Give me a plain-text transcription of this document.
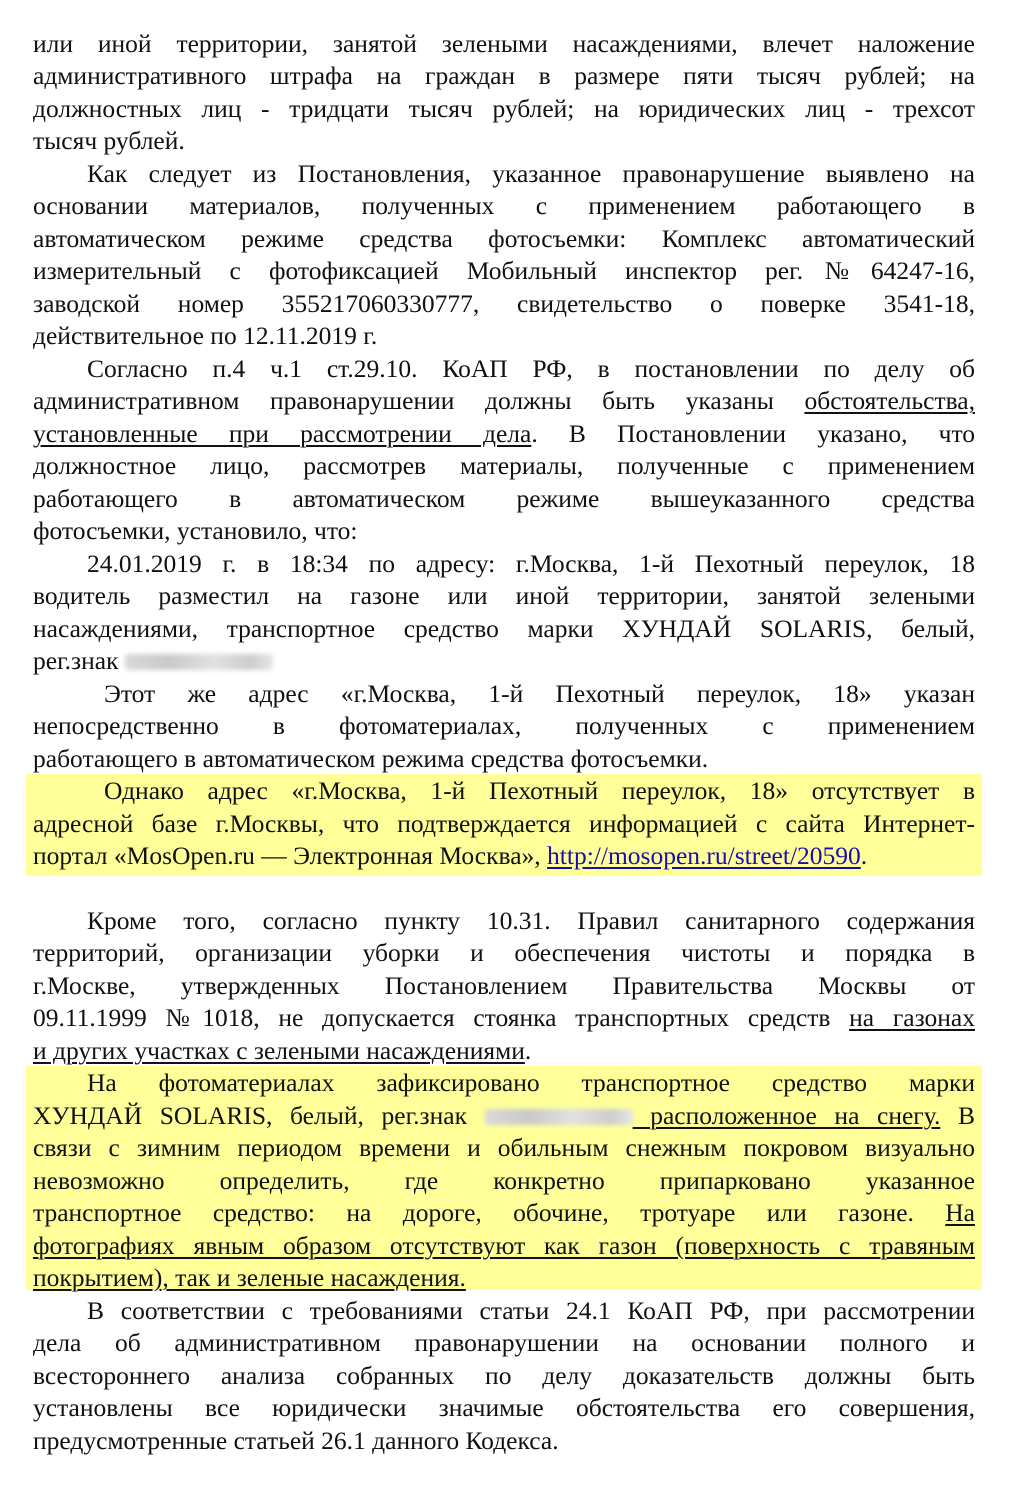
или иной территории, занятой зелеными насаждениями, влечет наложение
административного штрафа на граждан в размере пяти тысяч рублей; на
должностных лиц - тридцати тысяч рублей; на юридических лиц - трехсот
тысяч рублей.
Как следует из Постановления, указанное правонарушение выявлено на
основании материалов, полученных с применением работающего в
автоматическом режиме средства фотосъемки: Комплекс автоматический
измерительный с фотофиксацией Мобильный инспектор рег.№64247-16,
заводской номер 355217060330777, свидетельство о поверке 3541-18,
действительное по 12.11.2019 г.
Согласно п.4 ч.1 ст.29.10. КоАП РФ, в постановлении по делу об
административном правонарушении должны быть указаны обстоятельства,
установленные при рассмотрении дела. В Постановлении указано, что
должностное лицо, рассмотрев материалы, полученные с применением
работающего в автоматическом режиме вышеуказанного средства
фотосъемки, установило, что:
24.01.2019 г. в 18:34 по адресу: г.Москва, 1-й Пехотный переулок, 18
водитель разместил на газоне или иной территории, занятой зелеными
насаждениями, транспортное средство марки ХУНДАЙ SOLARIS, белый,
рег.знак
Этот же адрес «г.Москва, 1-й Пехотный переулок, 18» указан
непосредственно в фотоматериалах, полученных с применением
работающего в автоматическом режима средства фотосъемки.
Однако адрес «г.Москва, 1-й Пехотный переулок, 18» отсутствует в
адресной базе г.Москвы, что подтверждается информацией с сайта Интернет-
портал «MosOpen.ru — Электронная Москва», http://mosopen.ru/street/20590.
Кроме того, согласно пункту 10.31. Правил санитарного содержания
территорий, организации уборки и обеспечения чистоты и порядка в
г.Москве, утвержденных Постановлением Правительства Москвы от
09.11.1999 №1018, не допускается стоянка транспортных средств на газонах
и других участках с зелеными насаждениями.
На фотоматериалах зафиксировано транспортное средство марки
ХУНДАЙ SOLARIS, белый, рег.знак	расположенное на снегу. В
связи с зимним периодом времени и обильным снежным покровом визуально
невозможно определить, где конкретно припарковано указанное
транспортное средство: на дороге, обочине, тротуаре или газоне. На
фотографиях явным образом отсутствуют как газон (поверхность с травяным
покрытием), так и зеленые насаждения.
В соответствии с требованиями статьи 24.1 КоАП РФ, при рассмотрении
дела об административном правонарушении на основании полного и
всестороннего анализа собранных по делу доказательств должны быть
установлены все юридически значимые обстоятельства его совершения,
предусмотренные статьей 26.1 данного Кодекса.
